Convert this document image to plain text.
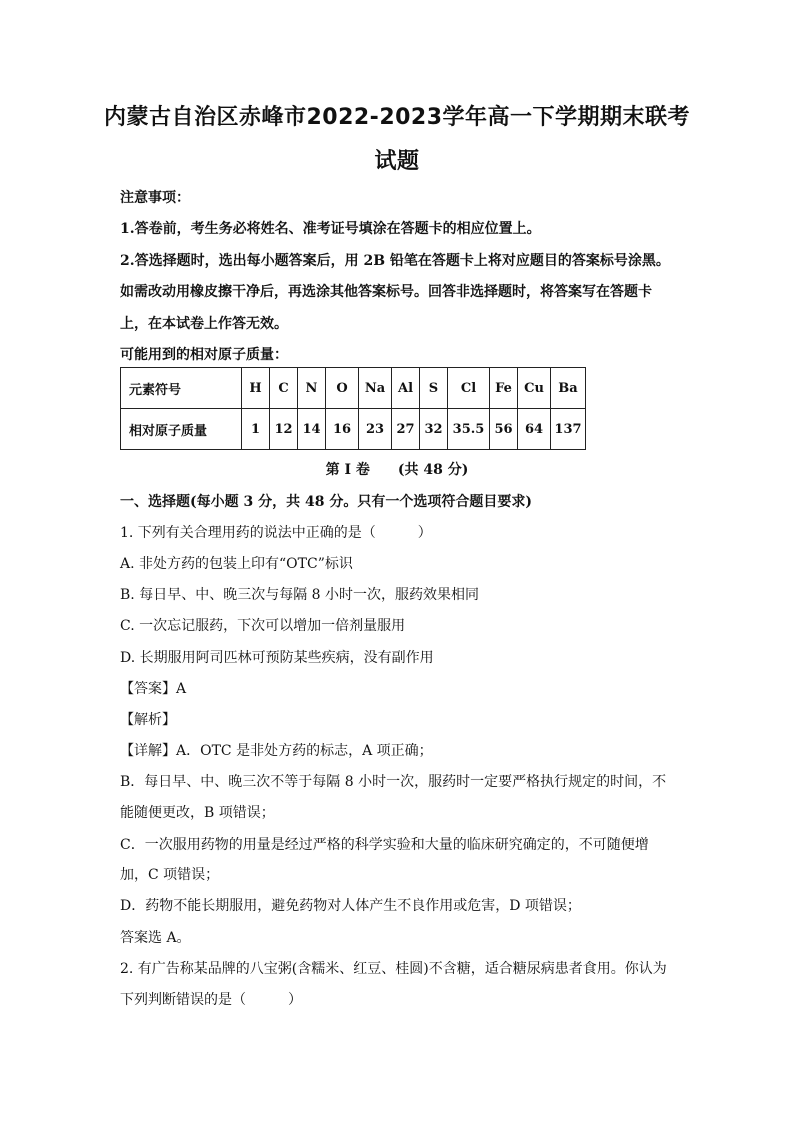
内蒙古自治区赤峰市2022-2023学年高一下学期期末联考
试题
注意事项：
1.答卷前，考生务必将姓名、准考证号填涂在答题卡的相应位置上。
2.答选择题时，选出每小题答案后，用 2B 铅笔在答题卡上将对应题目的答案标号涂黑。
如需改动用橡皮擦干净后，再选涂其他答案标号。回答非选择题时，将答案写在答题卡
上，在本试卷上作答无效。
可能用到的相对原子质量：
元素符号	H	C	N	O	Na	Al	S	Cl	Fe	Cu	Ba
相对原子质量	1	12	14	16	23	27	32	35.5	56	64	137
第 I 卷　　(共 48 分)
一、选择题(每小题 3 分，共 48 分。只有一个选项符合题目要求)
1. 下列有关合理用药的说法中正确的是（　　　）
A. 非处方药的包装上印有“OTC”标识
B. 每日早、中、晚三次与每隔 8 小时一次，服药效果相同
C. 一次忘记服药，下次可以增加一倍剂量服用
D. 长期服用阿司匹林可预防某些疾病，没有副作用
【答案】A
【解析】
【详解】A．OTC 是非处方药的标志，A 项正确；
B．每日早、中、晚三次不等于每隔 8 小时一次，服药时一定要严格执行规定的时间，不
能随便更改，B 项错误；
C．一次服用药物的用量是经过严格的科学实验和大量的临床研究确定的，不可随便增
加，C 项错误；
D．药物不能长期服用，避免药物对人体产生不良作用或危害，D 项错误；
答案选 A。
2. 有广告称某品牌的八宝粥(含糯米、红豆、桂圆)不含糖，适合糖尿病患者食用。你认为
下列判断错误的是（　　　）
